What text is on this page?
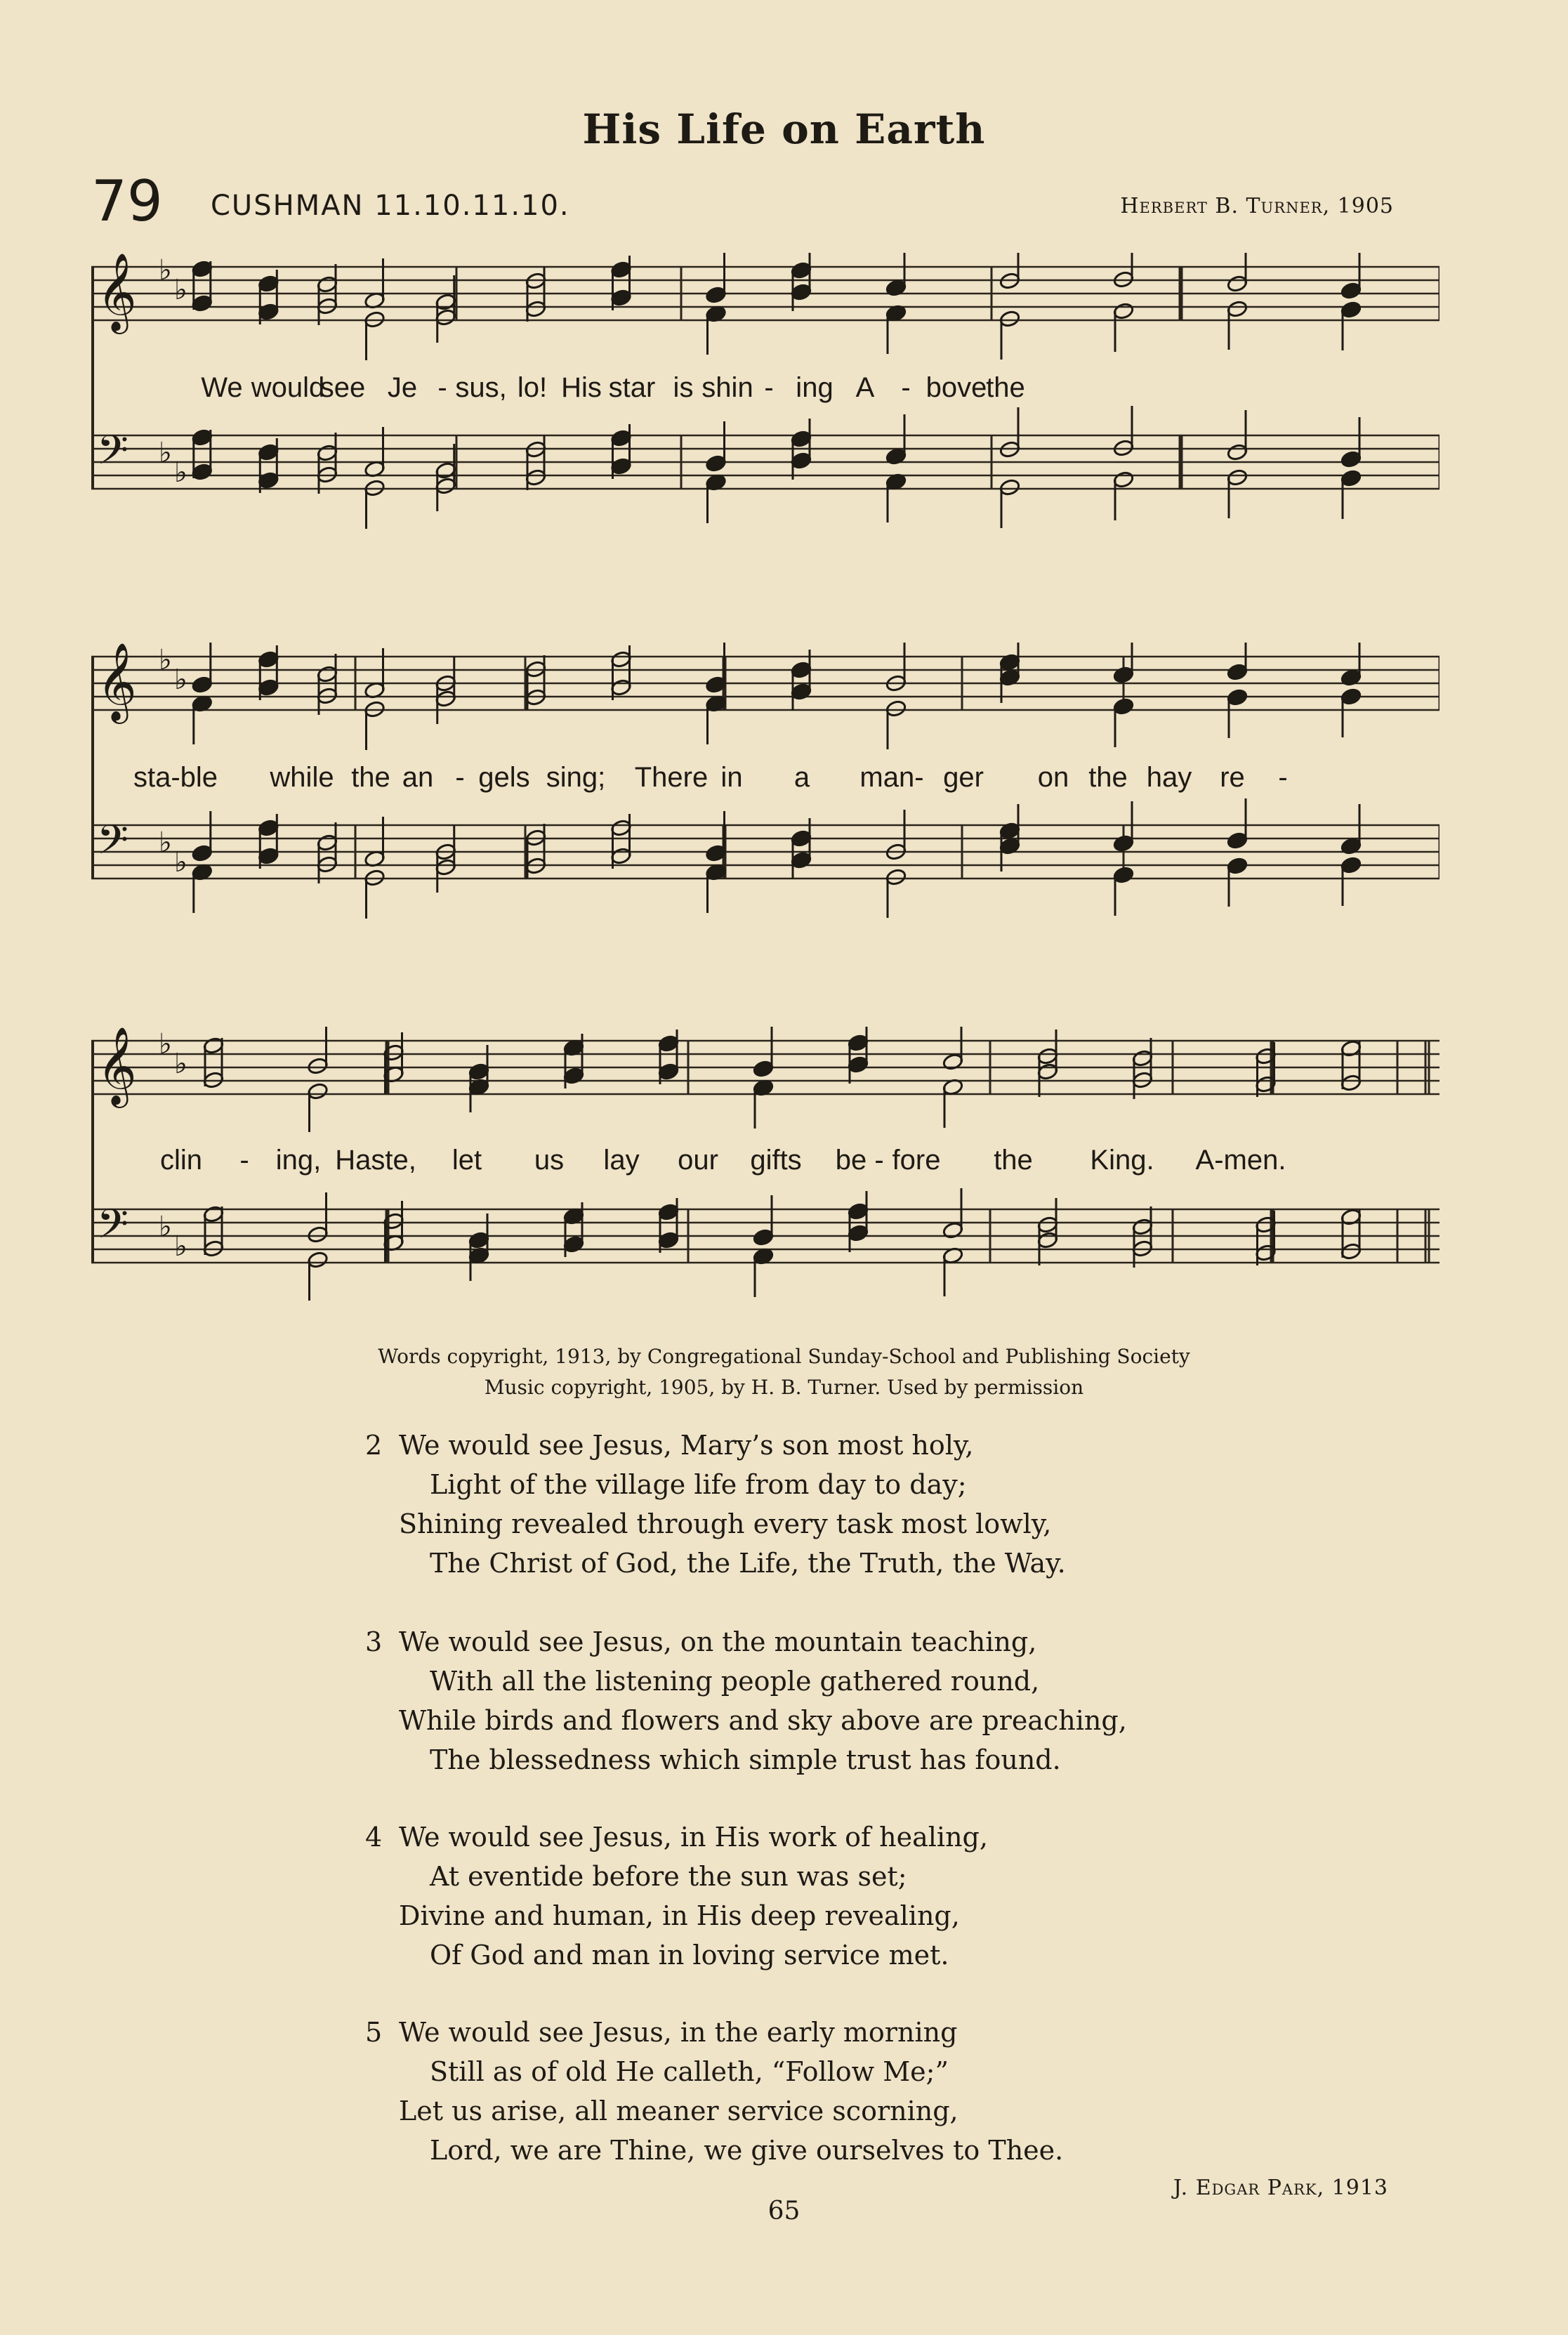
His Life on Earth
79 CUSHMAN 11.10.11.10.	Herbert B. Turner, 1905
𝄞 ♭
♭
𝄢 ♭
♭
We would
see Je - sus, lo! His star is shin - ing A - bove
the
𝄞 ♭
♭
𝄢 ♭
♭
sta-ble while the an - gels sing; There in a man- ger on the hay re -
𝄞 ♭
♭
𝄢 ♭
♭
clin - ing, Haste, let us lay our gifts be - fore the King. A-men.
Words copyright, 1913, by Congregational Sunday-School and Publishing Society
Music copyright, 1905, by H. B. Turner. Used by permission
2 We would see Jesus, Mary’s son most holy,
Light of the village life from day to day;
Shining revealed through every task most lowly,
The Christ of God, the Life, the Truth, the Way.
3 We would see Jesus, on the mountain teaching,
With all the listening people gathered round,
While birds and flowers and sky above are preaching,
The blessedness which simple trust has found.
4 We would see Jesus, in His work of healing,
At eventide before the sun was set;
Divine and human, in His deep revealing,
Of God and man in loving service met.
5 We would see Jesus, in the early morning
Still as of old He calleth, “Follow Me;”
Let us arise, all meaner service scorning,
Lord, we are Thine, we give ourselves to Thee.
J. Edgar Park, 1913
65
